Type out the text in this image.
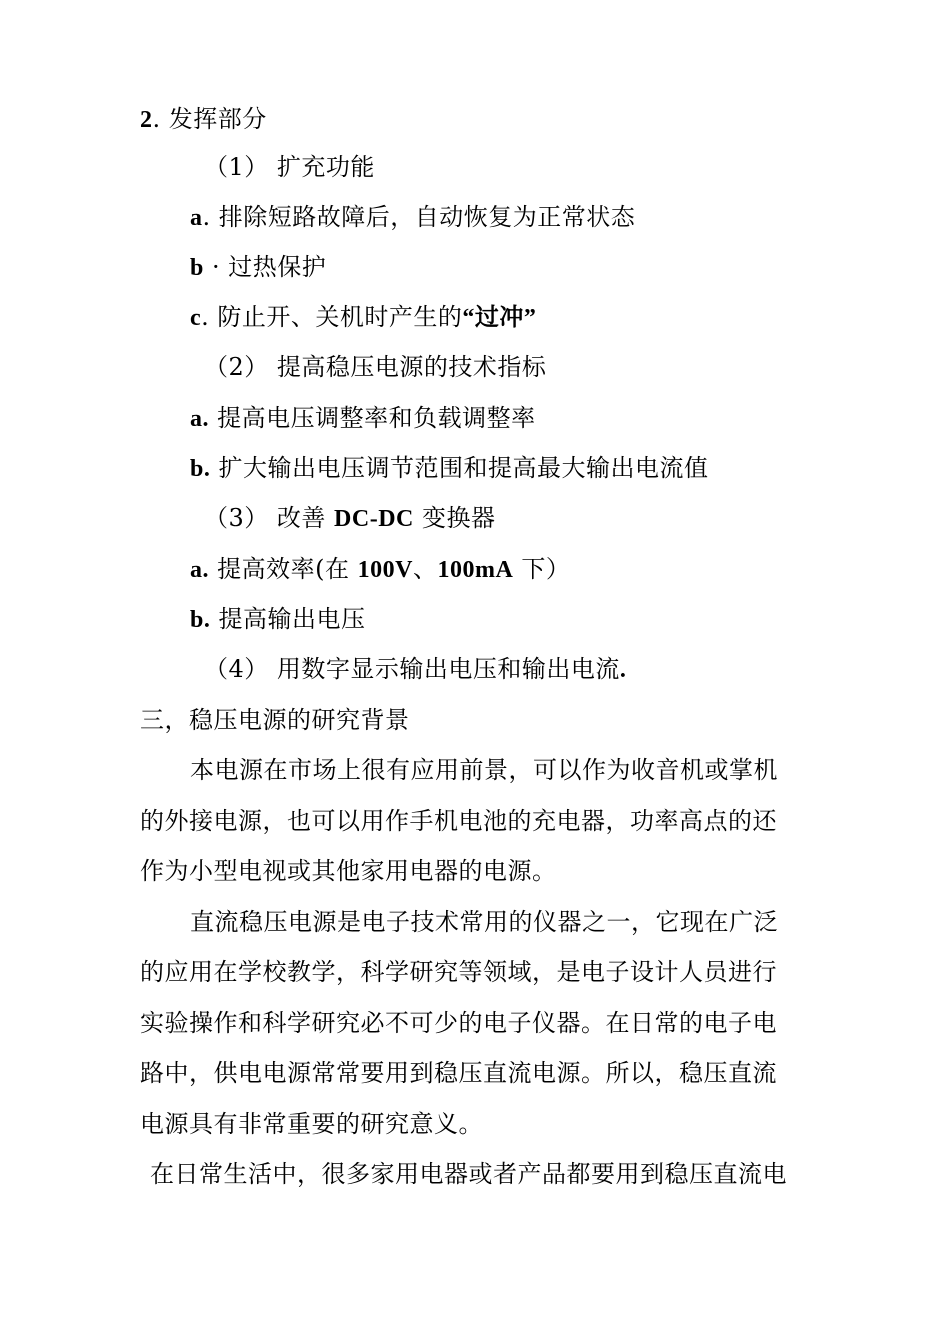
2. 发挥部分
（1） 扩充功能
a. 排除短路故障后，自动恢复为正常状态
b · 过热保护
c. 防止开、关机时产生的“过冲”
（2） 提高稳压电源的技术指标
a. 提高电压调整率和负载调整率
b. 扩大输出电压调节范围和提高最大输出电流值
（3） 改善 DC-DC 变换器
a. 提高效率(在 100V、100mA 下）
b. 提高输出电压
（4） 用数字显示输出电压和输出电流.
三，稳压电源的研究背景
本电源在市场上很有应用前景，可以作为收音机或掌机
的外接电源，也可以用作手机电池的充电器，功率高点的还
作为小型电视或其他家用电器的电源。
直流稳压电源是电子技术常用的仪器之一，它现在广泛
的应用在学校教学，科学研究等领域，是电子设计人员进行
实验操作和科学研究必不可少的电子仪器。在日常的电子电
路中，供电电源常常要用到稳压直流电源。所以，稳压直流
电源具有非常重要的研究意义。
在日常生活中，很多家用电器或者产品都要用到稳压直流电
